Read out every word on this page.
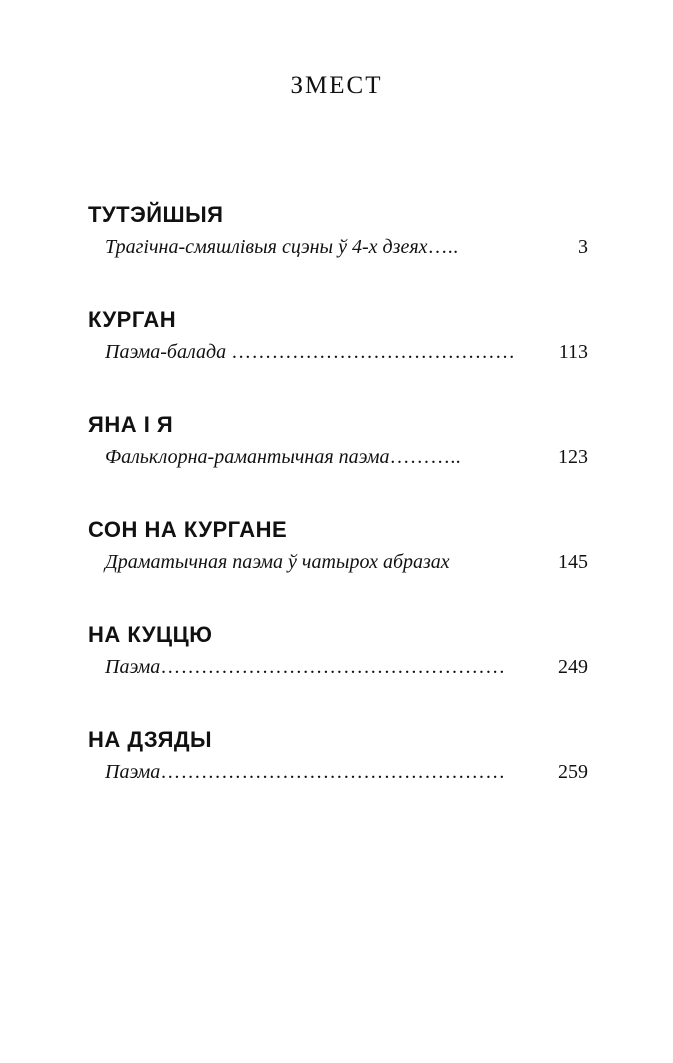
ЗМЕСТ
ТУТЭЙШЫЯ
Трагічна-смяшлівыя сцэны ў 4-х дзеях…..	3
КУРГАН
Паэма-балада …………………………………… 113
ЯНА І Я
Фальклорна-рамантычная паэма………..	123
СОН НА КУРГАНЕ
Драматычная паэма ў чатырох абразах	145
НА КУЦЦЮ
Паэма……………………………………………	249
НА ДЗЯДЫ
Паэма……………………………………………	259
